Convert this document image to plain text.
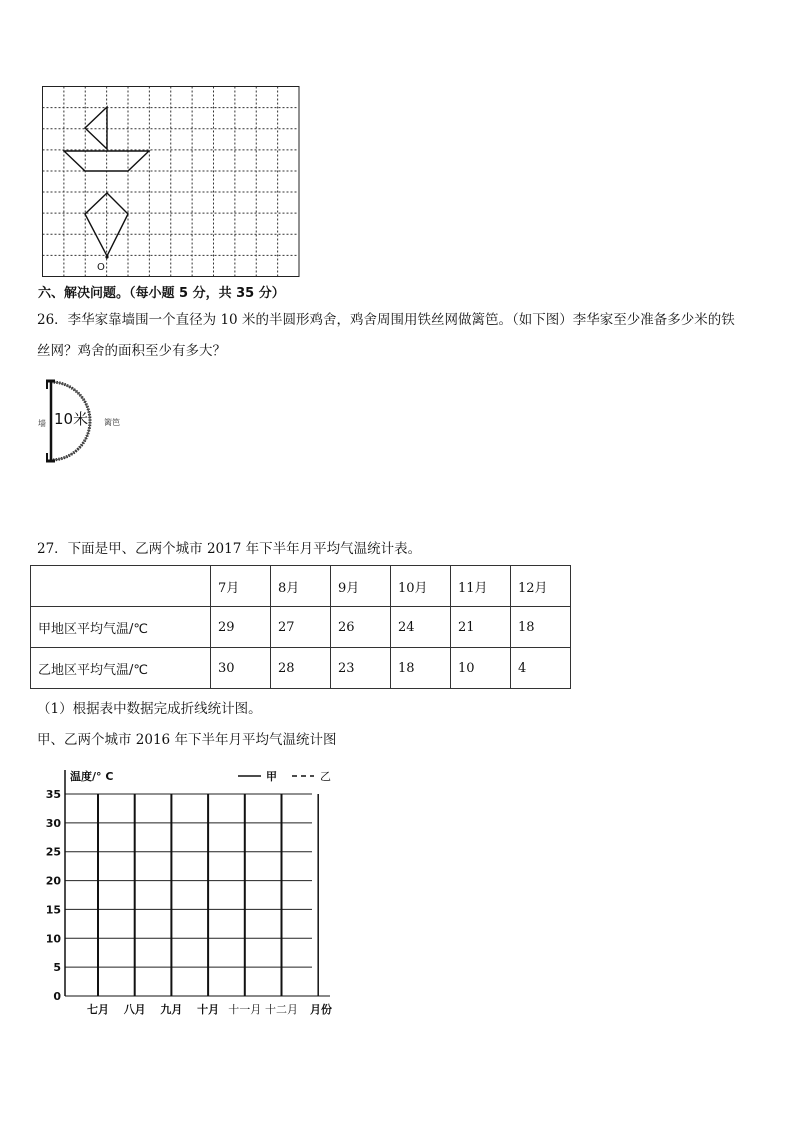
O
六、解决问题。（每小题 5 分，共 35 分）
26．李华家靠墙围一个直径为 10 米的半圆形鸡舍，鸡舍周围用铁丝网做篱笆。（如下图）李华家至少准备多少米的铁
丝网？鸡舍的面积至少有多大？
墙 10米 篱笆
27．下面是甲、乙两个城市 2017 年下半年月平均气温统计表。
	7月	8月	9月	10月	11月	12月
甲地区平均气温/℃	29	27	26	24	21	18
乙地区平均气温/℃	30	28	23	18	10	4
（1）根据表中数据完成折线统计图。
甲、乙两个城市 2016 年下半年月平均气温统计图
0
5
10
15
20
25
30
35
七月 八月 九月 十月 十一月 十二月
温度/° C	甲	乙
月份
